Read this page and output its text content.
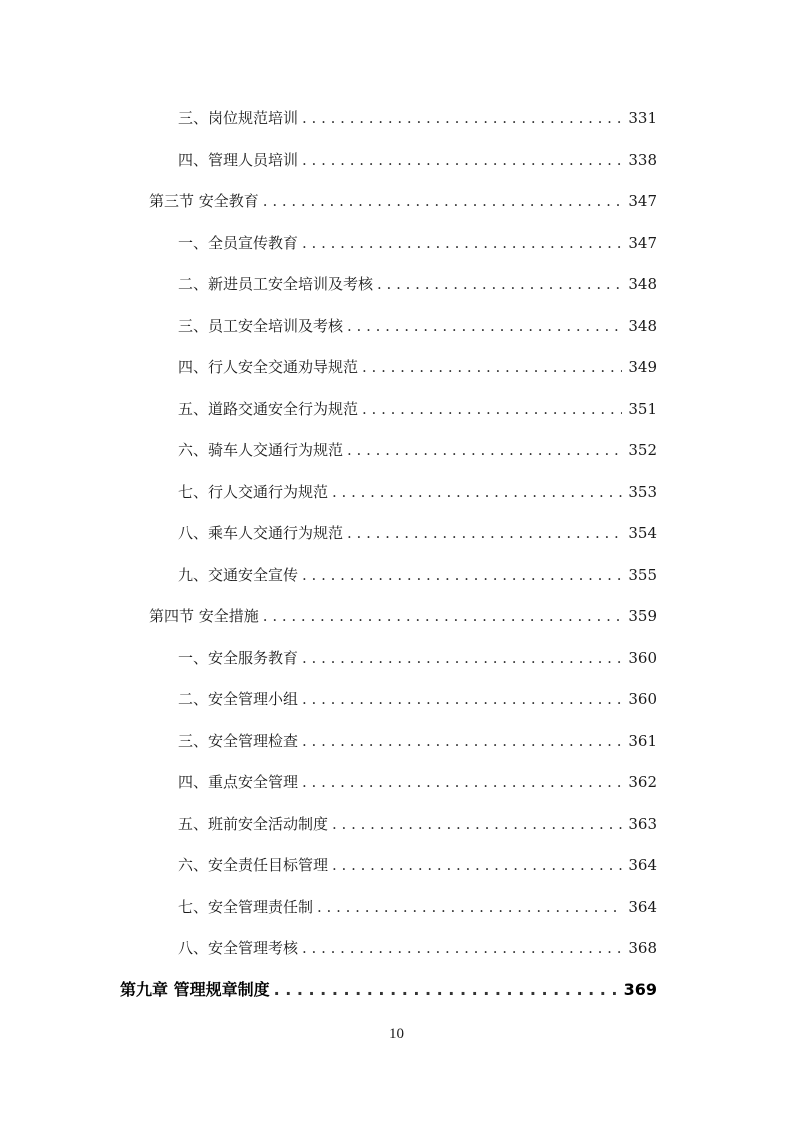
三、岗位规范培训 . . .	331
四、管理人员培训 . . .	338
第三节 安全教育 . . .	347
一、全员宣传教育 . . .	347
二、新进员工安全培训及考核 . . .	348
三、员工安全培训及考核 . . .	348
四、行人安全交通劝导规范 . . .	349
五、道路交通安全行为规范 . . .	351
六、骑车人交通行为规范 . . .	352
七、行人交通行为规范 . . .	353
八、乘车人交通行为规范 . . .	354
九、交通安全宣传 . . .	355
第四节 安全措施 . . .	359
一、安全服务教育 . . .	360
二、安全管理小组 . . .	360
三、安全管理检查 . . .	361
四、重点安全管理 . . .	362
五、班前安全活动制度 . . .	363
六、安全责任目标管理 . . .	364
七、安全管理责任制 . . .	364
八、安全管理考核 . . .	368
第九章 管理规章制度 . . .	369
10
